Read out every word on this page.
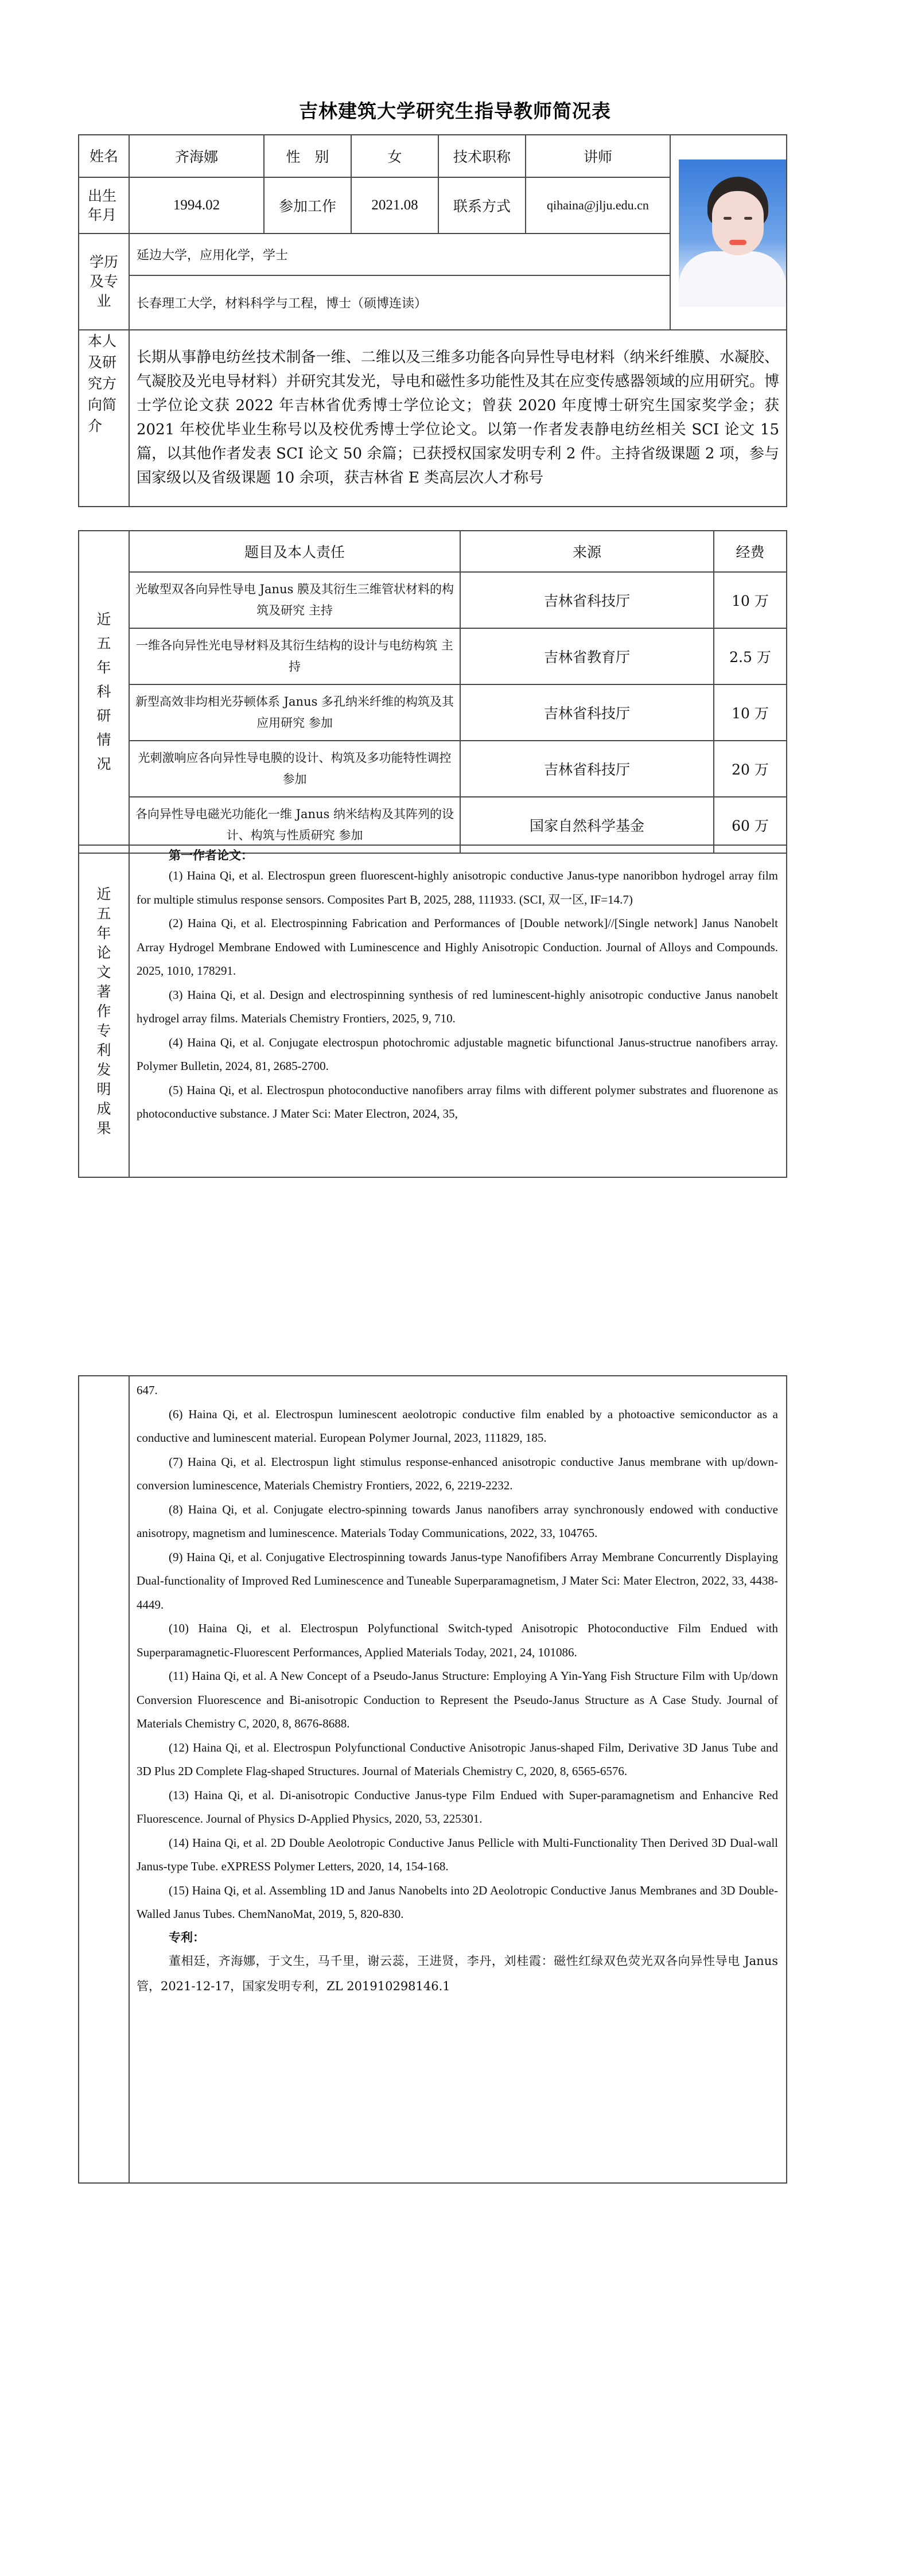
吉林建筑大学研究生指导教师简况表
姓名	齐海娜	性　别	女	技术职称	讲师	

出生年月	1994.02	参加工作	2021.08	联系方式	qihaina@jlju.edu.cn	

学历及专业	延边大学，应用化学，学士					
	长春理工大学，材料科学与工程，博士（硕博连读）					

本人及研究方向简介	长期从事静电纺丝技术制备一维、二维以及三维多功能各向异性导电材料（纳米纤维膜、水凝胶、气凝胶及光电导材料）并研究其发光，导电和磁性多功能性及其在应变传感器领域的应用研究。博士学位论文获 2022 年吉林省优秀博士学位论文；曾获 2020 年度博士研究生国家奖学金；获 2021 年校优毕业生称号以及校优秀博士学位论文。以第一作者发表静电纺丝相关 SCI 论文 15 篇，以其他作者发表 SCI 论文 50 余篇；已获授权国家发明专利 2 件。主持省级课题 2 项，参与国家级以及省级课题 10 余项，获吉林省 E 类高层次人才称号					
近五年科研情况	题目及本人责任	来源	经费
	光敏型双各向异性导电 Janus 膜及其衍生三维管状材料的构筑及研究 主持	吉林省科技厅	10 万
	一维各向异性光电导材料及其衍生结构的设计与电纺构筑 主持	吉林省教育厅	2.5 万
	新型高效非均相光芬顿体系 Janus 多孔纳米纤维的构筑及其应用研究 参加	吉林省科技厅	10 万
	光刺激响应各向异性导电膜的设计、构筑及多功能特性调控 参加	吉林省科技厅	20 万
	各向异性导电磁光功能化一维 Janus 纳米结构及其阵列的设计、构筑与性质研究 参加	国家自然科学基金	60 万
近五年论文著作专利发明成果

第一作者论文：

(1) Haina Qi, et al. Electrospun green fluorescent-highly anisotropic conductive Janus-type nanoribbon hydrogel array film for multiple stimulus response sensors. Composites Part B, 2025, 288, 111933. (SCI, 双一区, IF=14.7)

(2) Haina Qi, et al. Electrospinning Fabrication and Performances of [Double network]//[Single network] Janus Nanobelt Array Hydrogel Membrane Endowed with Luminescence and Highly Anisotropic Conduction. Journal of Alloys and Compounds. 2025, 1010, 178291.

(3) Haina Qi, et al. Design and electrospinning synthesis of red luminescent-highly anisotropic conductive Janus nanobelt hydrogel array films. Materials Chemistry Frontiers, 2025, 9, 710.

(4) Haina Qi, et al. Conjugate electrospun photochromic adjustable magnetic bifunctional Janus-structrue nanofibers array. Polymer Bulletin, 2024, 81, 2685-2700.

(5) Haina Qi, et al. Electrospun photoconductive nanofibers array films with different polymer substrates and fluorenone as photoconductive substance. J Mater Sci: Mater Electron, 2024, 35,

647.

(6) Haina Qi, et al. Electrospun luminescent aeolotropic conductive film enabled by a photoactive semiconductor as a conductive and luminescent material. European Polymer Journal, 2023, 111829, 185.

(7) Haina Qi, et al. Electrospun light stimulus response-enhanced anisotropic conductive Janus membrane with up/down-conversion luminescence, Materials Chemistry Frontiers, 2022, 6, 2219-2232.

(8) Haina Qi, et al. Conjugate electro-spinning towards Janus nanofibers array synchronously endowed with conductive anisotropy, magnetism and luminescence. Materials Today Communications, 2022, 33, 104765.

(9) Haina Qi, et al. Conjugative Electrospinning towards Janus-type Nanofifibers Array Membrane Concurrently Displaying Dual-functionality of Improved Red Luminescence and Tuneable Superparamagnetism, J Mater Sci: Mater Electron, 2022, 33, 4438-4449.

(10) Haina Qi, et al. Electrospun Polyfunctional Switch-typed Anisotropic Photoconductive Film Endued with Superparamagnetic-Fluorescent Performances, Applied Materials Today, 2021, 24, 101086.

(11) Haina Qi, et al. A New Concept of a Pseudo-Janus Structure: Employing A Yin-Yang Fish Structure Film with Up/down Conversion Fluorescence and Bi-anisotropic Conduction to Represent the Pseudo-Janus Structure as A Case Study. Journal of Materials Chemistry C, 2020, 8, 8676-8688.

(12) Haina Qi, et al. Electrospun Polyfunctional Conductive Anisotropic Janus-shaped Film, Derivative 3D Janus Tube and 3D Plus 2D Complete Flag-shaped Structures. Journal of Materials Chemistry C, 2020, 8, 6565-6576.

(13) Haina Qi, et al. Di-anisotropic Conductive Janus-type Film Endued with Super-paramagnetism and Enhancive Red Fluorescence. Journal of Physics D-Applied Physics, 2020, 53, 225301.

(14) Haina Qi, et al. 2D Double Aeolotropic Conductive Janus Pellicle with Multi-Functionality Then Derived 3D Dual-wall Janus-type Tube. eXPRESS Polymer Letters, 2020, 14, 154-168.

(15) Haina Qi, et al. Assembling 1D and Janus Nanobelts into 2D Aeolotropic Conductive Janus Membranes and 3D Double-Walled Janus Tubes. ChemNanoMat, 2019, 5, 820-830.

专利：

董相廷，齐海娜，于文生，马千里，谢云蕊，王进贤，李丹，刘桂霞：磁性红绿双色荧光双各向异性导电 Janus 管，2021-12-17，国家发明专利，ZL 201910298146.1
